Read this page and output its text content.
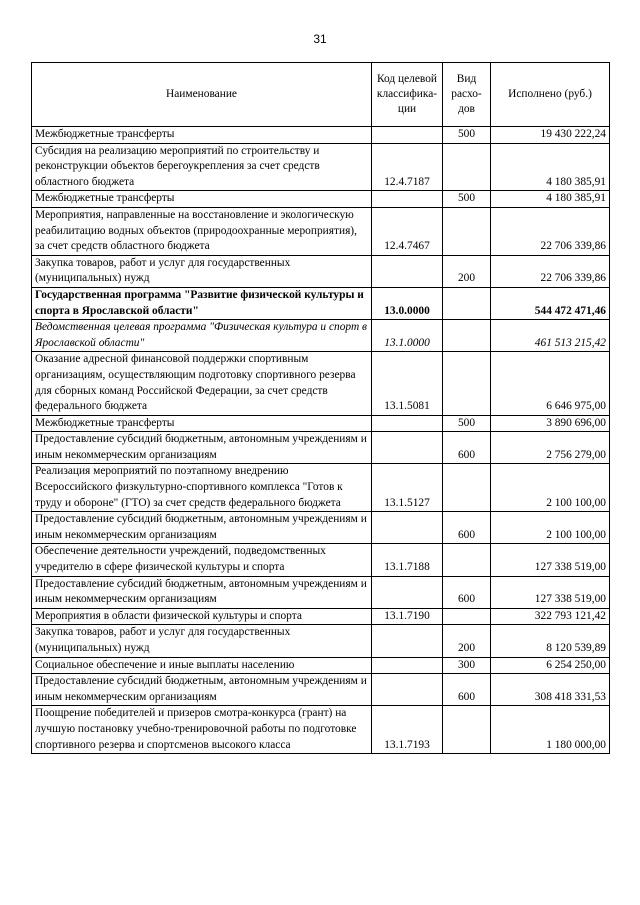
31
Наименование	Код целевой классифика-ции	Вид расхо-дов	Исполнено (руб.)
Межбюджетные трансферты		500	19 430 222,24
Субсидия на реализацию мероприятий по строительству и реконструкции объектов берегоукрепления за счет средств областного бюджета	12.4.7187		4 180 385,91
Межбюджетные трансферты		500	4 180 385,91
Мероприятия, направленные на восстановление и экологическую реабилитацию водных объектов (природоохранные мероприятия), за счет средств областного бюджета	12.4.7467		22 706 339,86
Закупка товаров, работ и услуг для государственных (муниципальных) нужд		200	22 706 339,86
Государственная программа "Развитие физической культуры и спорта в Ярославской области"	13.0.0000		544 472 471,46
Ведомственная целевая программа "Физическая культура и спорт в Ярославской области"	13.1.0000		461 513 215,42
Оказание адресной финансовой поддержки спортивным организациям, осуществляющим подготовку спортивного резерва для сборных команд Российской Федерации, за счет средств федерального бюджета	13.1.5081		6 646 975,00
Межбюджетные трансферты		500	3 890 696,00
Предоставление субсидий бюджетным, автономным учреждениям и иным некоммерческим организациям		600	2 756 279,00
Реализация мероприятий по поэтапному внедрению Всероссийского физкультурно-спортивного комплекса "Готов к труду и обороне" (ГТО) за счет средств федерального бюджета	13.1.5127		2 100 100,00
Предоставление субсидий бюджетным, автономным учреждениям и иным некоммерческим организациям		600	2 100 100,00
Обеспечение деятельности учреждений, подведомственных учредителю в сфере физической культуры и спорта	13.1.7188		127 338 519,00
Предоставление субсидий бюджетным, автономным учреждениям и иным некоммерческим организациям		600	127 338 519,00
Мероприятия в области физической культуры и спорта	13.1.7190		322 793 121,42
Закупка товаров, работ и услуг для государственных (муниципальных) нужд		200	8 120 539,89
Социальное обеспечение и иные выплаты населению		300	6 254 250,00
Предоставление субсидий бюджетным, автономным учреждениям и иным некоммерческим организациям		600	308 418 331,53
Поощрение победителей и призеров смотра-конкурса (грант) на лучшую постановку учебно-тренировочной работы по подготовке спортивного резерва и спортсменов высокого класса	13.1.7193		1 180 000,00
